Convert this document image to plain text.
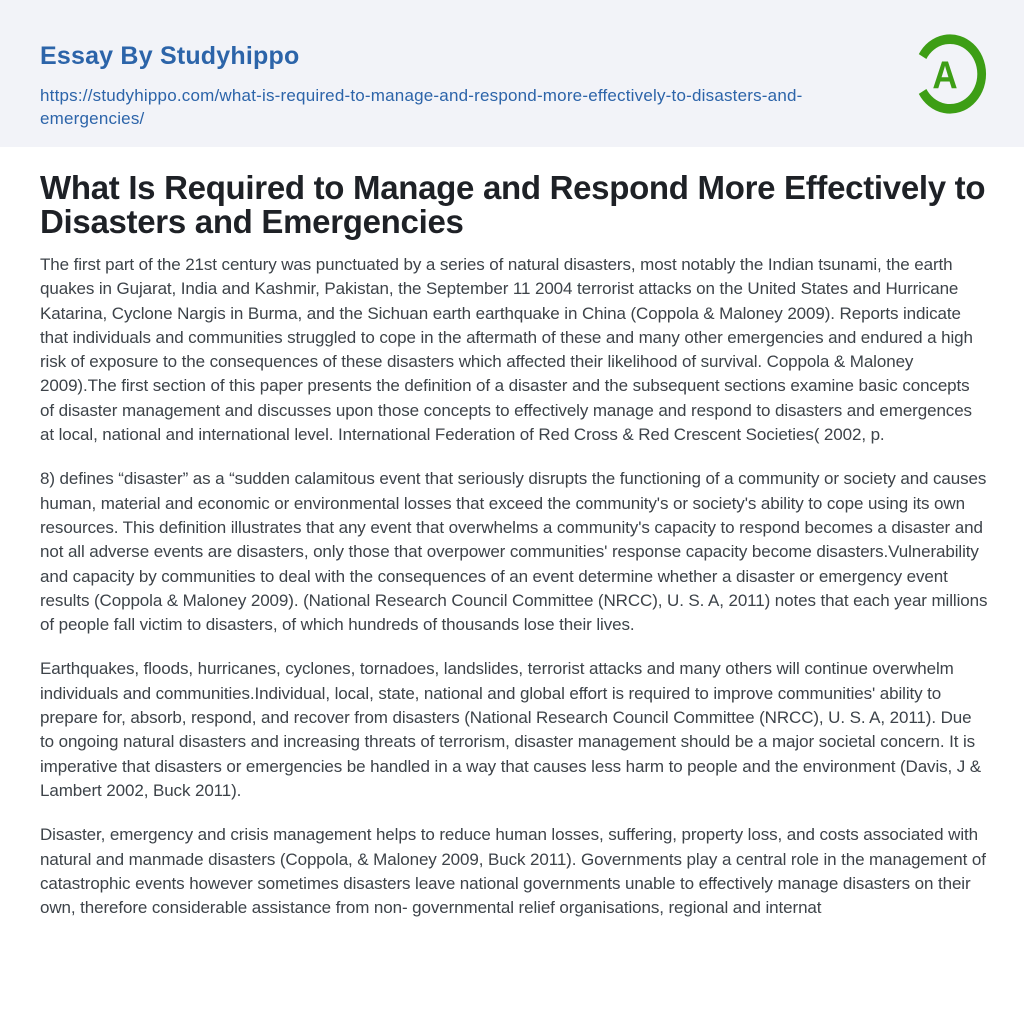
Essay By Studyhippo
https://studyhippo.com/what-is-required-to-manage-and-respond-more-effectively-to-disasters-and-emergencies/
A
What Is Required to Manage and Respond More Effectively to Disasters and Emergencies

The first part of the 21st century was punctuated by a series of natural disasters, most notably the Indian tsunami, the earth quakes in Gujarat, India and Kashmir, Pakistan, the September 11 2004 terrorist attacks on the United States and Hurricane Katarina, Cyclone Nargis in Burma, and the Sichuan earth earthquake in China (Coppola & Maloney 2009). Reports indicate that individuals and communities struggled to cope in the aftermath of these and many other emergencies and endured a high risk of exposure to the consequences of these disasters which affected their likelihood of survival. Coppola & Maloney 2009).The first section of this paper presents the definition of a disaster and the subsequent sections examine basic concepts of disaster management and discusses upon those concepts to effectively manage and respond to disasters and emergences at local, national and international level. International Federation of Red Cross & Red Crescent Societies( 2002, p.

8) defines “disaster” as a “sudden calamitous event that seriously disrupts the functioning of a community or society and causes human, material and economic or environmental losses that exceed the community's or society's ability to cope using its own resources. This definition illustrates that any event that overwhelms a community's capacity to respond becomes a disaster and not all adverse events are disasters, only those that overpower communities' response capacity become disasters.Vulnerability and capacity by communities to deal with the consequences of an event determine whether a disaster or emergency event results (Coppola & Maloney 2009). (National Research Council Committee (NRCC), U. S. A, 2011) notes that each year millions of people fall victim to disasters, of which hundreds of thousands lose their lives.

Earthquakes, floods, hurricanes, cyclones, tornadoes, landslides, terrorist attacks and many others will continue overwhelm individuals and communities.Individual, local, state, national and global effort is required to improve communities' ability to prepare for, absorb, respond, and recover from disasters (National Research Council Committee (NRCC), U. S. A, 2011). Due to ongoing natural disasters and increasing threats of terrorism, disaster management should be a major societal concern. It is imperative that disasters or emergencies be handled in a way that causes less harm to people and the environment (Davis, J & Lambert 2002, Buck 2011).

Disaster, emergency and crisis management helps to reduce human losses, suffering, property loss, and costs associated with natural and manmade disasters (Coppola, & Maloney 2009, Buck 2011). Governments play a central role in the management of catastrophic events however sometimes disasters leave national governments unable to effectively manage disasters on their own, therefore considerable assistance from non- governmental relief organisations, regional and internat
